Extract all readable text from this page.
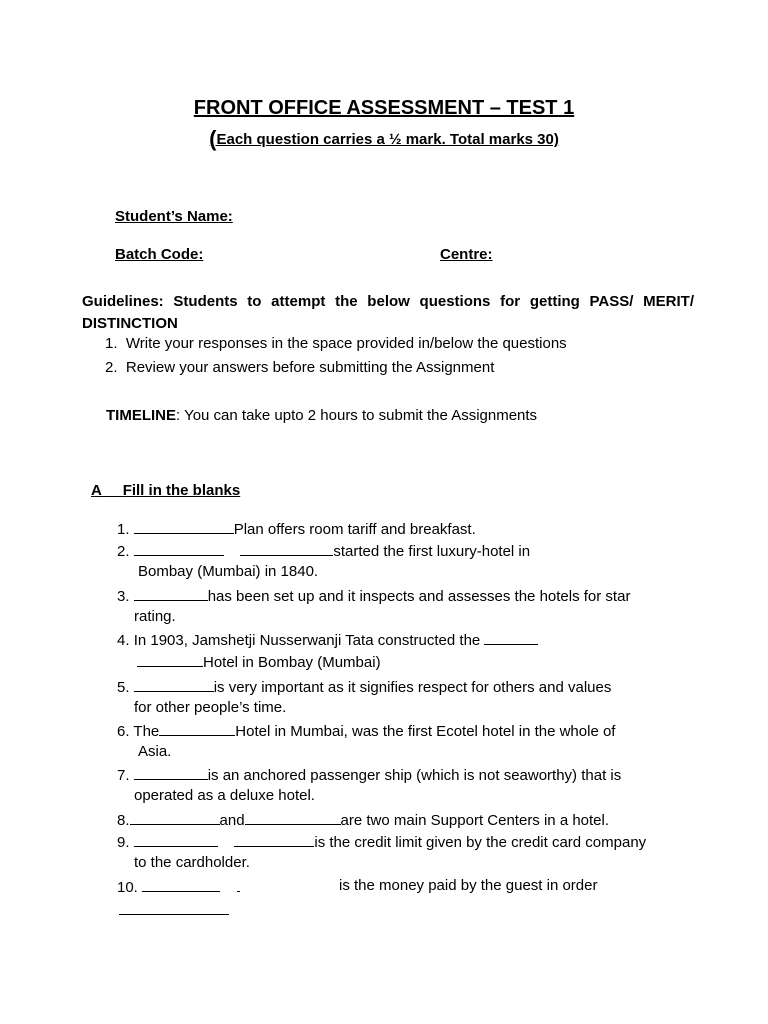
FRONT OFFICE ASSESSMENT – TEST 1
(Each question carries a ½ mark. Total marks 30)
Student’s Name:
Batch Code:	Centre:
Guidelines: Students to attempt the below questions for getting PASS/ MERIT/ DISTINCTION
1. Write your responses in the space provided in/below the questions
2. Review your answers before submitting the Assignment
TIMELINE: You can take upto 2 hours to submit the Assignments
A Fill in the blanks
1.	Plan offers room tariff and breakfast.
2.	started the first luxury-hotel in
Bombay (Mumbai) in 1840.
3.	has been set up and it inspects and assesses the hotels for star
rating.
4. In 1903, Jamshetji Nusserwanji Tata constructed the
Hotel in Bombay (Mumbai)
5.	is very important as it signifies respect for others and values
for other people’s time.
6. The	Hotel in Mumbai, was the first Ecotel hotel in the whole of
Asia.
7.	is an anchored passenger ship (which is not seaworthy) that is
operated as a deluxe hotel.
8.	and	are two main Support Centers in a hotel.
9.	is the credit limit given by the credit card company
to the cardholder.
10.	is the money paid by the guest in order
